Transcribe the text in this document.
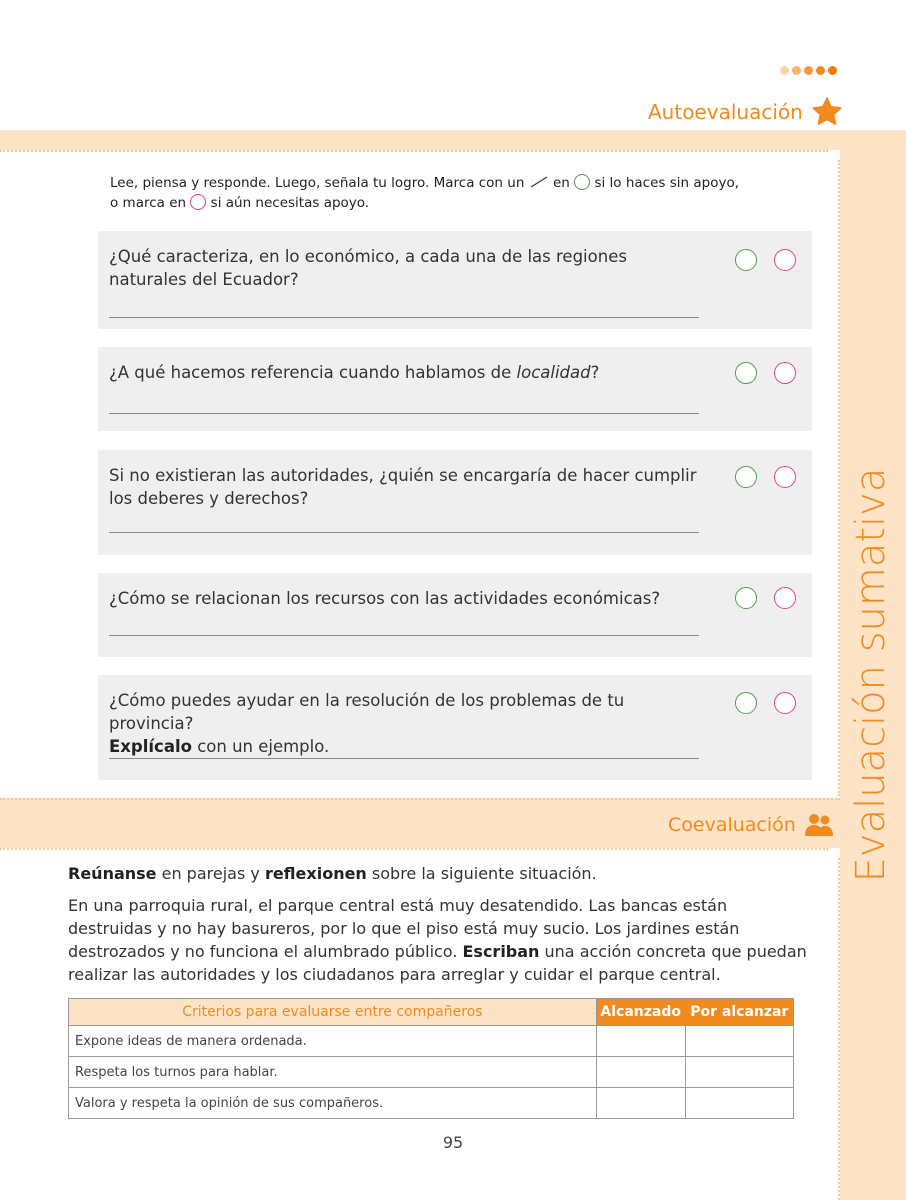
Autoevaluación
Evaluación sumativa
Lee, piensa y responde. Luego, señala tu logro. Marca con un en si lo haces sin apoyo,
o marca en si aún necesitas apoyo.
¿Qué caracteriza, en lo económico, a cada una de las regiones naturales del Ecuador?
¿A qué hacemos referencia cuando hablamos de localidad?
Si no existieran las autoridades, ¿quién se encargaría de hacer cumplir los deberes y derechos?
¿Cómo se relacionan los recursos con las actividades económicas?
¿Cómo puedes ayudar en la resolución de los problemas de tu provincia?
Explícalo con un ejemplo.
Coevaluación
Reúnanse en parejas y reflexionen sobre la siguiente situación.
En una parroquia rural, el parque central está muy desatendido. Las bancas están destruidas y no hay basureros, por lo que el piso está muy sucio. Los jardines están destrozados y no funciona el alumbrado público. Escriban una acción concreta que puedan realizar las autoridades y los ciudadanos para arreglar y cuidar el parque central.
Criterios para evaluarse entre compañeros	Alcanzado	Por alcanzar
Expone ideas de manera ordenada.		
Respeta los turnos para hablar.		
Valora y respeta la opinión de sus compañeros.		
95
